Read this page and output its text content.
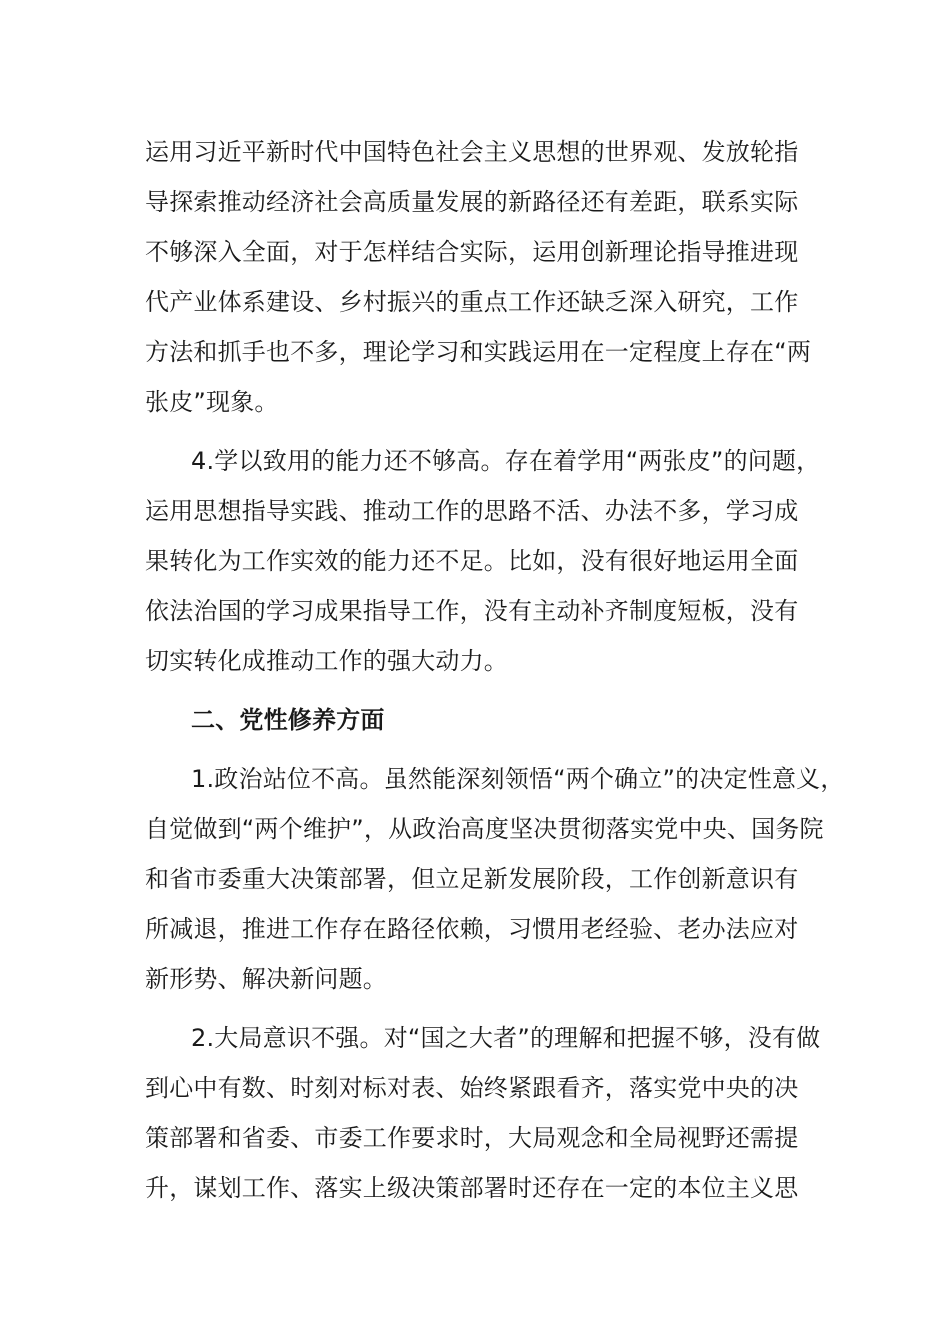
运用习近平新时代中国特色社会主义思想的世界观、发放轮指
导探索推动经济社会高质量发展的新路径还有差距，联系实际
不够深入全面，对于怎样结合实际，运用创新理论指导推进现
代产业体系建设、乡村振兴的重点工作还缺乏深入研究，工作
方法和抓手也不多，理论学习和实践运用在一定程度上存在“两
张皮”现象。
4.学以致用的能力还不够高。存在着学用“两张皮”的问题，
运用思想指导实践、推动工作的思路不活、办法不多，学习成
果转化为工作实效的能力还不足。比如，没有很好地运用全面
依法治国的学习成果指导工作，没有主动补齐制度短板，没有
切实转化成推动工作的强大动力。
二、党性修养方面
1.政治站位不高。虽然能深刻领悟“两个确立”的决定性意义，
自觉做到“两个维护”，从政治高度坚决贯彻落实党中央、国务院
和省市委重大决策部署，但立足新发展阶段，工作创新意识有
所减退，推进工作存在路径依赖，习惯用老经验、老办法应对
新形势、解决新问题。
2.大局意识不强。对“国之大者”的理解和把握不够，没有做
到心中有数、时刻对标对表、始终紧跟看齐，落实党中央的决
策部署和省委、市委工作要求时，大局观念和全局视野还需提
升，谋划工作、落实上级决策部署时还存在一定的本位主义思
